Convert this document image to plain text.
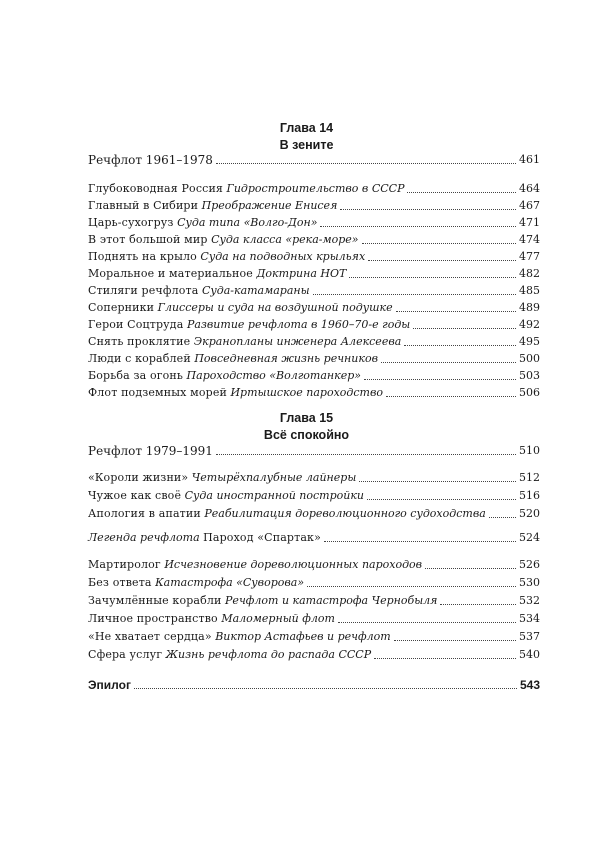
Глава 14
В зените
Речфлот 1961–1978	461
Глубоководная Россия Гидростроительство в СССР	464
Главный в Сибири Преображение Енисея	467
Царь-сухогруз Суда типа «Волго-Дон»	471
В этот большой мир Суда класса «река-море»	474
Поднять на крыло Суда на подводных крыльях	477
Моральное и материальное Доктрина НОТ	482
Стиляги речфлота Суда-катамараны	485
Соперники Глиссеры и суда на воздушной подушке	489
Герои Соцтруда Развитие речфлота в 1960–70-е годы	492
Снять проклятие Экранопланы инженера Алексеева	495
Люди с кораблей Повседневная жизнь речников	500
Борьба за огонь Пароходство «Волготанкер»	503
Флот подземных морей Иртышское пароходство	506
Глава 15
Всё спокойно
Речфлот 1979–1991	510
«Короли жизни» Четырёхпалубные лайнеры	512
Чужое как своё Суда иностранной постройки	516
Апология в апатии Реабилитация дореволюционного судоходства	520
Легенда речфлота Пароход «Спартак»	524
Мартиролог Исчезновение дореволюционных пароходов	526
Без ответа Катастрофа «Суворова»	530
Зачумлённые корабли Речфлот и катастрофа Чернобыля	532
Личное пространство Маломерный флот	534
«Не хватает сердца» Виктор Астафьев и речфлот	537
Сфера услуг Жизнь речфлота до распада СССР	540
Эпилог	543
